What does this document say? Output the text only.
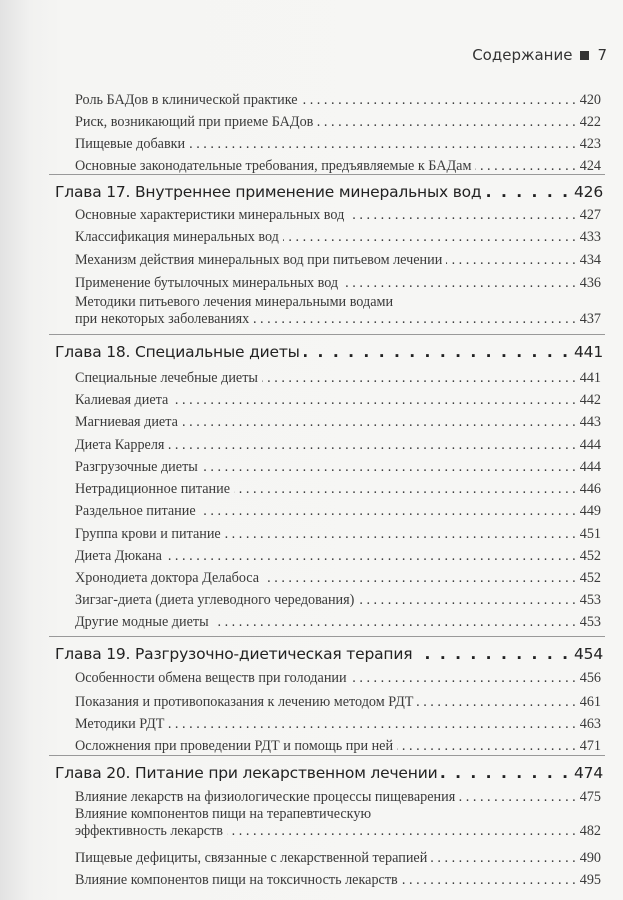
Содержание 7
Роль БАДов в клинической практике . . .	420
Риск, возникающий при приеме БАДов . . .	422
Пищевые добавки . . .	423
Основные законодательные требования, предъявляемые к БАДам . . .	424
Глава 17. Внутреннее применение минеральных вод . . .	426
Основные характеристики минеральных вод . . .	427
Классификация минеральных вод . . .	433
Механизм действия минеральных вод при питьевом лечении . . .	434
Применение бутылочных минеральных вод . . .	436
Методики питьевого лечения минеральными водами
при некоторых заболеваниях . . .	437
Глава 18. Специальные диеты . . .	441
Специальные лечебные диеты . . .	441
Калиевая диета . . .	442
Магниевая диета . . .	443
Диета Карреля . . .	444
Разгрузочные диеты . . .	444
Нетрадиционное питание . . .	446
Раздельное питание . . .	449
Группа крови и питание . . .	451
Диета Дюкана . . .	452
Хронодиета доктора Делабоса . . .	452
Зигзаг-диета (диета углеводного чередования) . . .	453
Другие модные диеты . . .	453
Глава 19. Разгрузочно-диетическая терапия . . .	454
Особенности обмена веществ при голодании . . .	456
Показания и противопоказания к лечению методом РДТ . . .	461
Методики РДТ . . .	463
Осложнения при проведении РДТ и помощь при ней . . .	471
Глава 20. Питание при лекарственном лечении . . .	474
Влияние лекарств на физиологические процессы пищеварения . . .	475
Влияние компонентов пищи на терапевтическую
эффективность лекарств . . .	482
Пищевые дефициты, связанные с лекарственной терапией . . .	490
Влияние компонентов пищи на токсичность лекарств . . .	495
